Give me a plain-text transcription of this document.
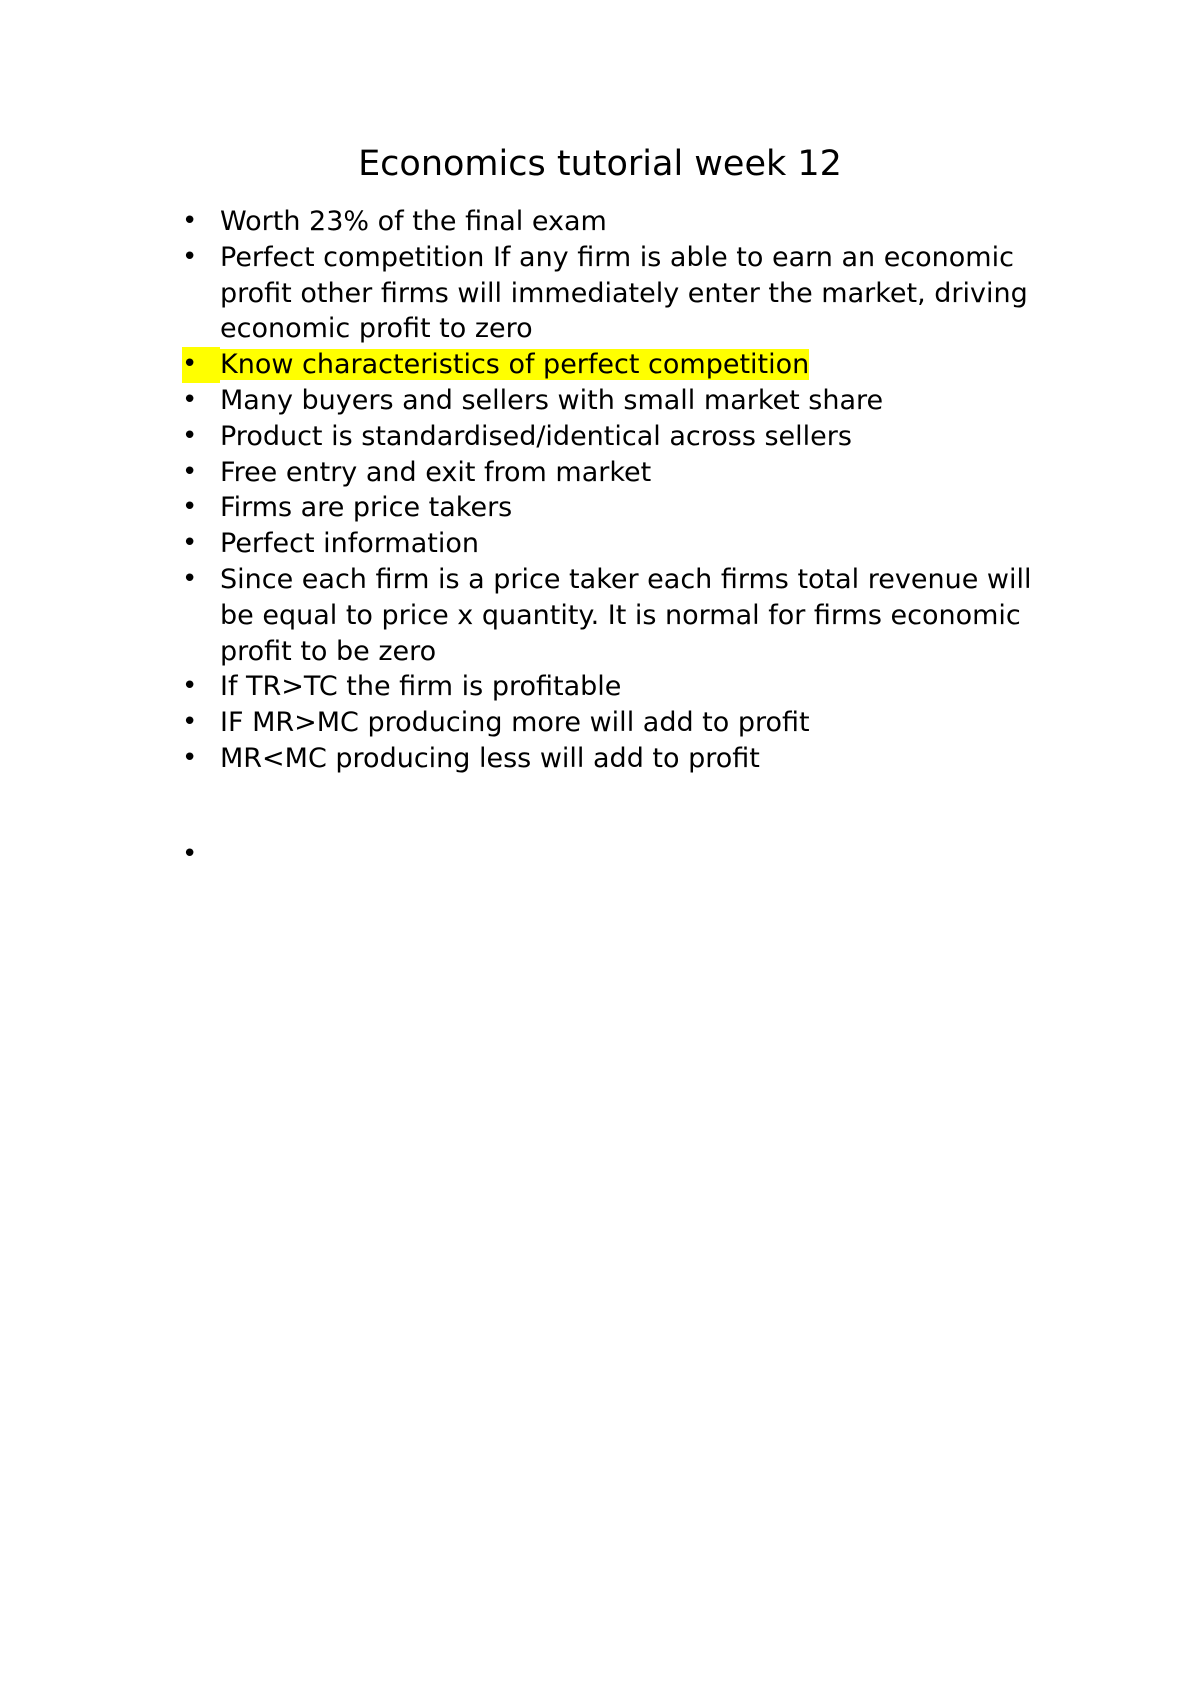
Economics tutorial week 12
• Worth 23% of the final exam
• Perfect competition If any firm is able to earn an economic profit other firms will immediately enter the market, driving economic profit to zero
• Know characteristics of perfect competition
• Many buyers and sellers with small market share
• Product is standardised/identical across sellers
• Free entry and exit from market
• Firms are price takers
• Perfect information
• Since each firm is a price taker each firms total revenue will be equal to price x quantity. It is normal for firms economic profit to be zero
• If TR>TC the firm is profitable
• IF MR>MC producing more will add to profit
• MR<MC producing less will add to profit
•
